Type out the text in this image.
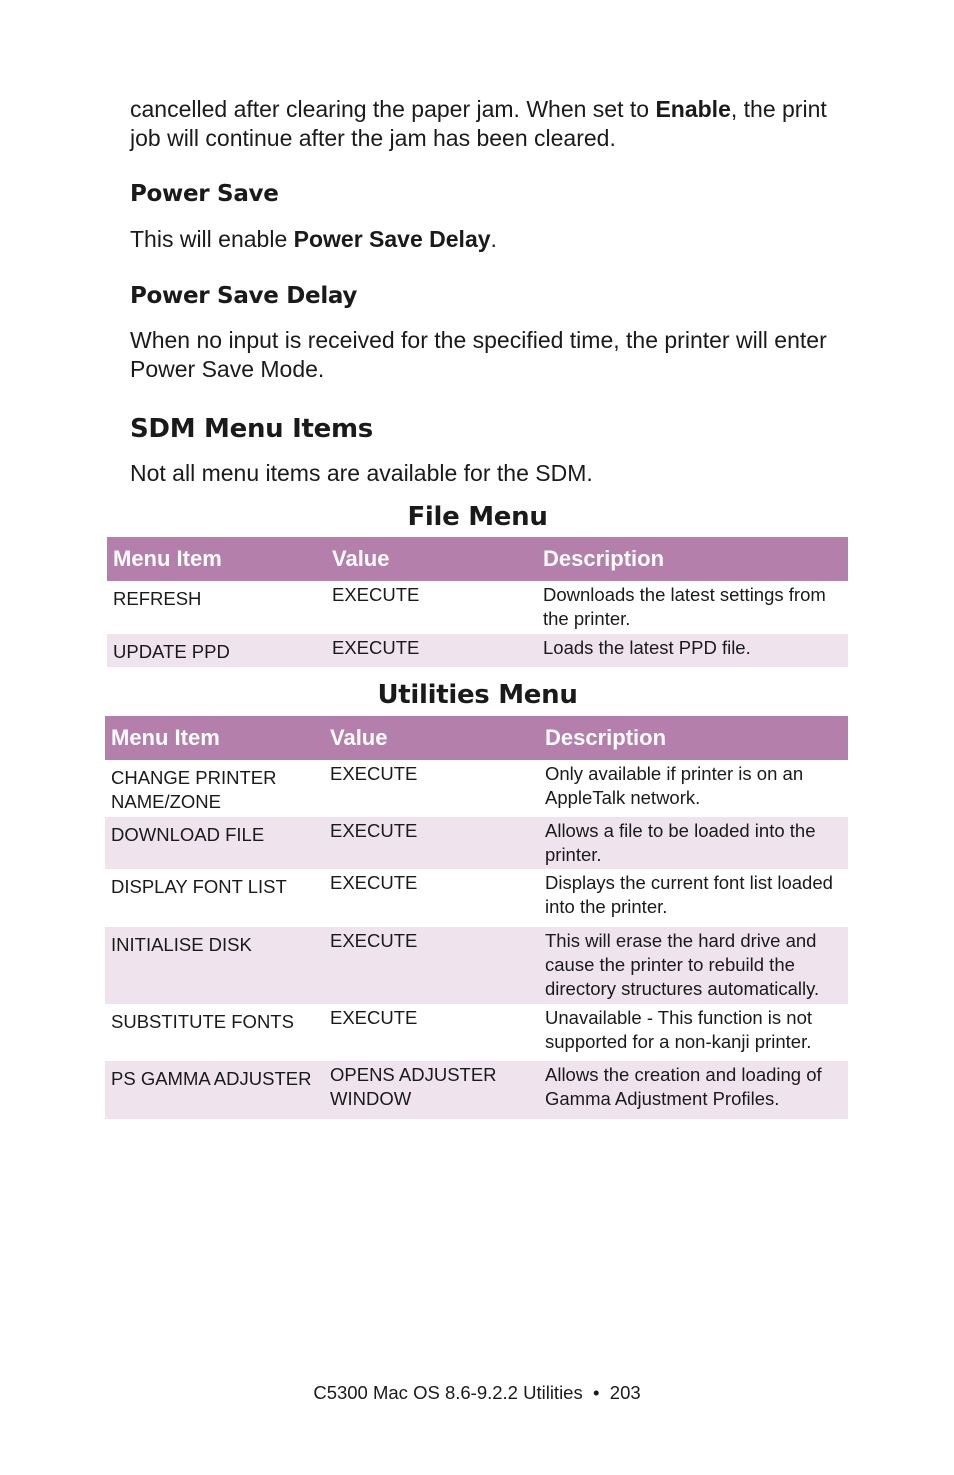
cancelled after clearing the paper jam. When set to Enable, the print job will continue after the jam has been cleared.

Power Save

This will enable Power Save Delay.

Power Save Delay

When no input is received for the specified time, the printer will enter Power Save Mode.

SDM Menu Items

Not all menu items are available for the SDM.

File Menu
Menu Item	Value	Description
REFRESH	EXECUTE	Downloads the latest settings from the printer.
UPDATE PPD	EXECUTE	Loads the latest PPD file.
Utilities Menu
Menu Item	Value	Description
CHANGE PRINTER NAME/ZONE	EXECUTE	Only available if printer is on an AppleTalk network.
DOWNLOAD FILE	EXECUTE	Allows a file to be loaded into the printer.
DISPLAY FONT LIST	EXECUTE	Displays the current font list loaded into the printer.
INITIALISE DISK	EXECUTE	This will erase the hard drive and cause the printer to rebuild the directory structures automatically.
SUBSTITUTE FONTS	EXECUTE	Unavailable - This function is not supported for a non-kanji printer.
PS GAMMA ADJUSTER	OPENS ADJUSTER WINDOW	Allows the creation and loading of Gamma Adjustment Profiles.
C5300 Mac OS 8.6-9.2.2 Utilities • 203
